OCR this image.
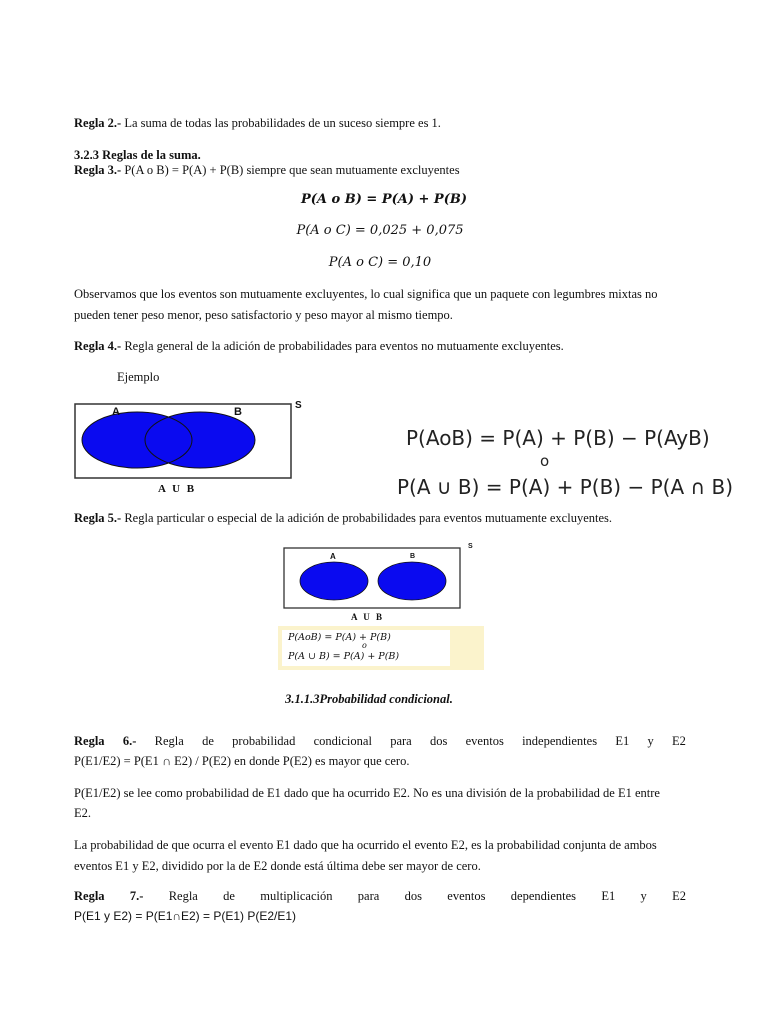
Regla 2.- La suma de todas las probabilidades de un suceso siempre es 1.
3.2.3 Reglas de la suma.
Regla 3.- P(A o B) = P(A) + P(B) siempre que sean mutuamente excluyentes
P(A o B) = P(A) + P(B)
P(A o C) = 0,025 + 0,075
P(A o C) = 0,10
Observamos que los eventos son mutuamente excluyentes, lo cual significa que un paquete con legumbres mixtas no
pueden tener peso menor, peso satisfactorio y peso mayor al mismo tiempo.
Regla 4.- Regla general de la adición de probabilidades para eventos no mutuamente excluyentes.
Ejemplo
A	B
S
A U B
P(AoB) = P(A) + P(B) − P(AyB)
o
P(A ∪ B) = P(A) + P(B) − P(A ∩ B)
Regla 5.- Regla particular o especial de la adición de probabilidades para eventos mutuamente excluyentes.
A	B
S
A U B
P(AoB) = P(A) + P(B)
o
P(A ∪ B) = P(A) + P(B)
3.1.1.3Probabilidad condicional.
Regla 6.- Regla de probabilidad condicional para dos eventos independientes E1 y E2
P(E1/E2) = P(E1 ∩ E2) / P(E2) en donde P(E2) es mayor que cero.
P(E1/E2) se lee como probabilidad de E1 dado que ha ocurrido E2. No es una división de la probabilidad de E1 entre
E2.
La probabilidad de que ocurra el evento E1 dado que ha ocurrido el evento E2, es la probabilidad conjunta de ambos
eventos E1 y E2, dividido por la de E2 donde está última debe ser mayor de cero.
Regla 7.- Regla de multiplicación para dos eventos dependientes E1 y E2
P(E1 y E2) = P(E1∩E2) = P(E1) P(E2/E1)
